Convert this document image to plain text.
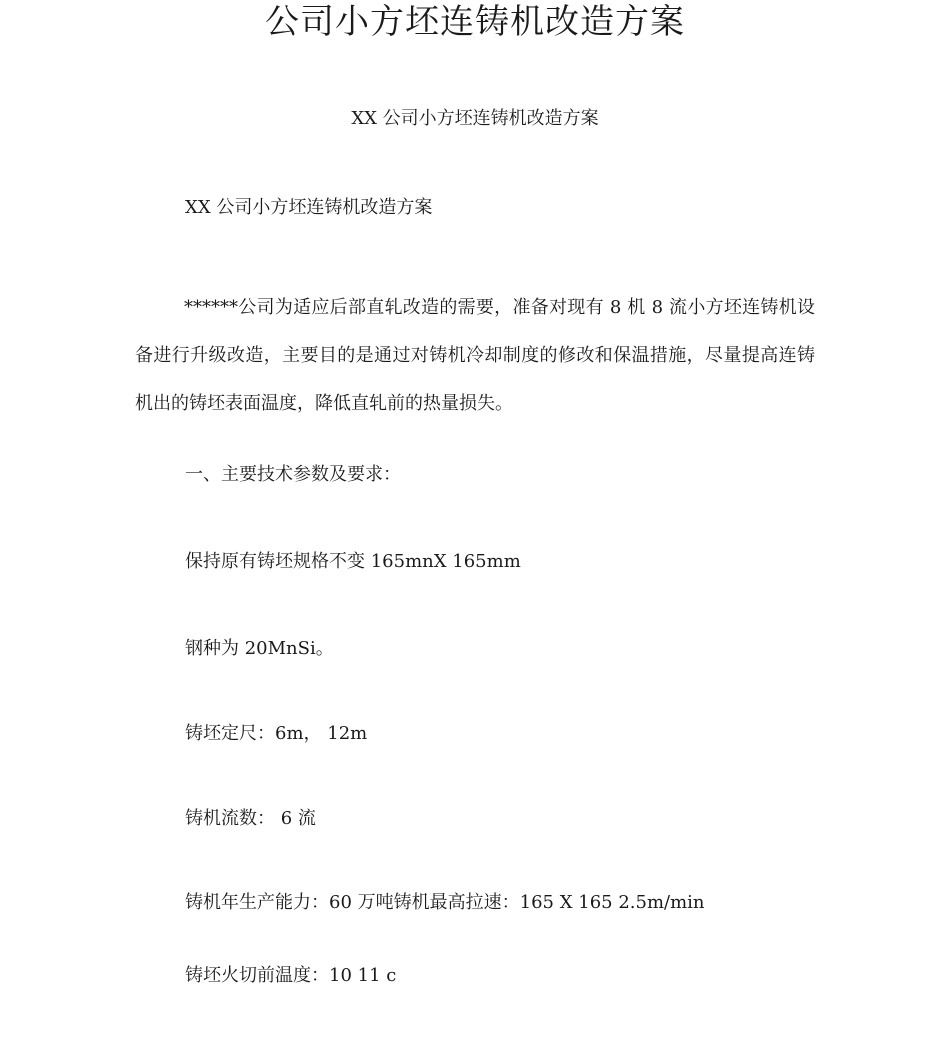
公司小方坯连铸机改造方案
XX 公司小方坯连铸机改造方案
XX 公司小方坯连铸机改造方案
******公司为适应后部直轧改造的需要，准备对现有 8 机 8 流小方坯连铸机设备进行升级改造，主要目的是通过对铸机冷却制度的修改和保温措施，尽量提高连铸机出的铸坯表面温度，降低直轧前的热量损失。
一、主要技术参数及要求：
保持原有铸坯规格不变 165mnX 165mm
钢种为 20MnSi。
铸坯定尺：6m， 12m
铸机流数： 6 流
铸机年生产能力：60 万吨铸机最高拉速：165 X 165 2.5m/min
铸坯火切前温度：10 11 c
